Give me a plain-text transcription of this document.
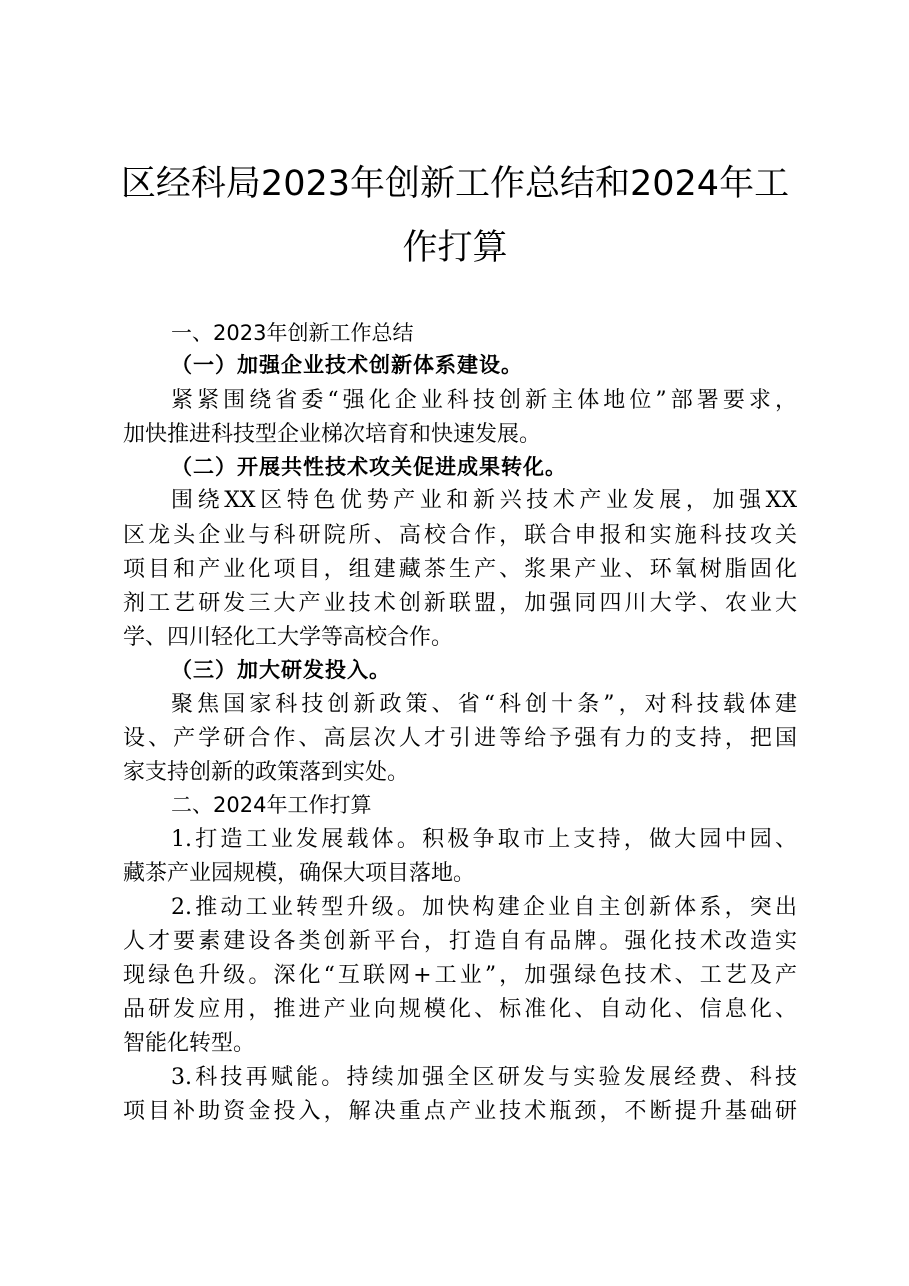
区经科局2023年创新工作总结和2024年工
作打算
一、2023年创新工作总结
（一）加强企业技术创新体系建设。
紧紧围绕省委“强化企业科技创新主体地位”部署要求，
加快推进科技型企业梯次培育和快速发展。
（二）开展共性技术攻关促进成果转化。
围绕XX区特色优势产业和新兴技术产业发展，加强XX
区龙头企业与科研院所、高校合作，联合申报和实施科技攻关
项目和产业化项目，组建藏茶生产、浆果产业、环氧树脂固化
剂工艺研发三大产业技术创新联盟，加强同四川大学、农业大
学、四川轻化工大学等高校合作。
（三）加大研发投入。
聚焦国家科技创新政策、省“科创十条”，对科技载体建
设、产学研合作、高层次人才引进等给予强有力的支持，把国
家支持创新的政策落到实处。
二、2024年工作打算
1.打造工业发展载体。积极争取市上支持，做大园中园、
藏茶产业园规模，确保大项目落地。
2.推动工业转型升级。加快构建企业自主创新体系，突出
人才要素建设各类创新平台，打造自有品牌。强化技术改造实
现绿色升级。深化“互联网+工业”，加强绿色技术、工艺及产
品研发应用，推进产业向规模化、标准化、自动化、信息化、
智能化转型。
3.科技再赋能。持续加强全区研发与实验发展经费、科技
项目补助资金投入，解决重点产业技术瓶颈，不断提升基础研
